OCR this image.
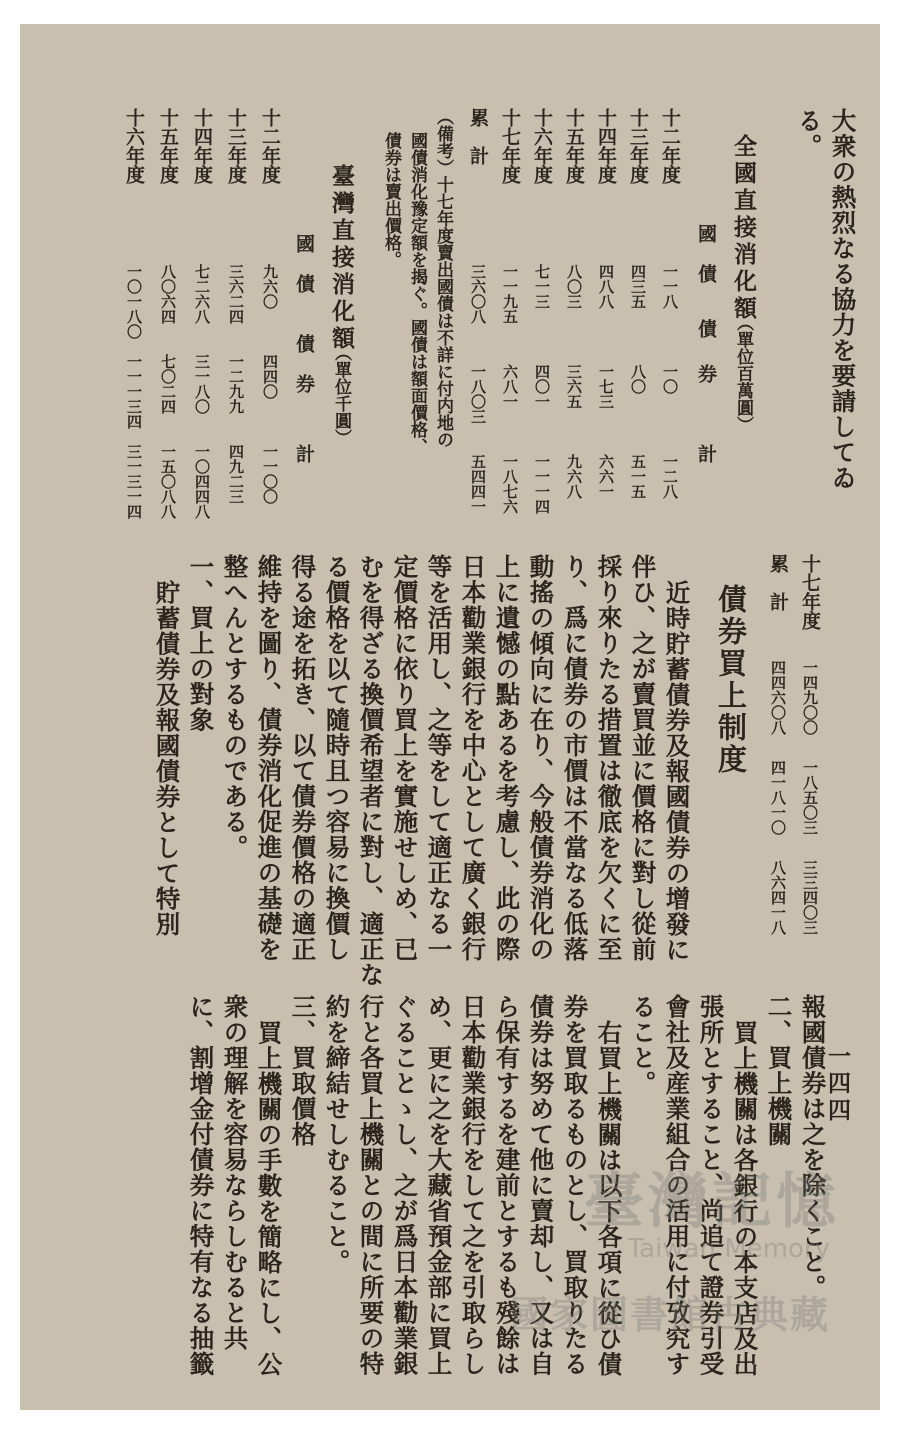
一四四
報國債券は之を除くこと。
二、買上機關
買上機關は各銀行の本支店及出
張所とすること、尚追て證券引受
會社及産業組合の活用に付攷究す
ること。
右買上機關は以下各項に從ひ債
券を買取るものとし、買取りたる
債券は努めて他に賣却し、又は自
ら保有するを建前とするも殘餘は
日本勸業銀行をして之を引取らし
め、更に之を大藏省預金部に買上
ぐることゝし、之が爲日本勸業銀
行と各買上機關との間に所要の特
約を締結せしむること。
三、買取價格
買上機關の手數を簡略にし、公
衆の理解を容易ならしむると共
に、割增金付債券に特有なる抽籤
十七年度
一四九〇〇
一八五〇三
三三四〇三
累　計
四四六〇八
四一八一〇
八六四一八
債券買上制度
近時貯蓄債券及報國債券の增發に
伴ひ、之が賣買並に價格に對し從前
採り來りたる措置は徹底を欠くに至
り、爲に債券の市價は不當なる低落
動搖の傾向に在り、今般債券消化の
上に遺憾の點あるを考慮し、此の際
日本勸業銀行を中心として廣く銀行
等を活用し、之等をして適正なる一
定價格に依り買上を實施せしめ、已
むを得ざる換價希望者に對し、適正な
る價格を以て隨時且つ容易に換價し
得る途を拓き、以て債券價格の適正
維持を圖り、債券消化促進の基礎を
整へんとするものである。
一、買上の對象
貯蓄債券及報國債券として特別
大衆の熱烈なる協力を要請してゐ
る。
全國直接消化額
（單位百萬圓）
國
債
債
券
計
十二年度
一一八
一〇
一二八
十三年度
四三五
八〇
五一五
十四年度
四八八
一七三
六六一
十五年度
八〇三
三六五
九六八
十六年度
七一三
四〇一
一一一四
十七年度
一一九五
六八一
一八七六
累　計
三六〇八
一八〇三
五四四一
（備考）十七年度賣出國債は不詳に付内地の
國債消化豫定額を揭ぐ。國債は額面價格、
債券は賣出價格。
臺灣直接消化額
（單位千圓）
國
債
債
券
計
十二年度
九六〇
四四〇
一一〇〇
十三年度
三六二四
一二九九
四九二三
十四年度
七二六八
三一八〇
一〇四四八
十五年度
八〇六四
七〇二四
一五〇八八
十六年度
一〇一八〇
一一一三四
三一三一四
臺灣記憶
Taiwan Memory
國家圖書館古典藏
